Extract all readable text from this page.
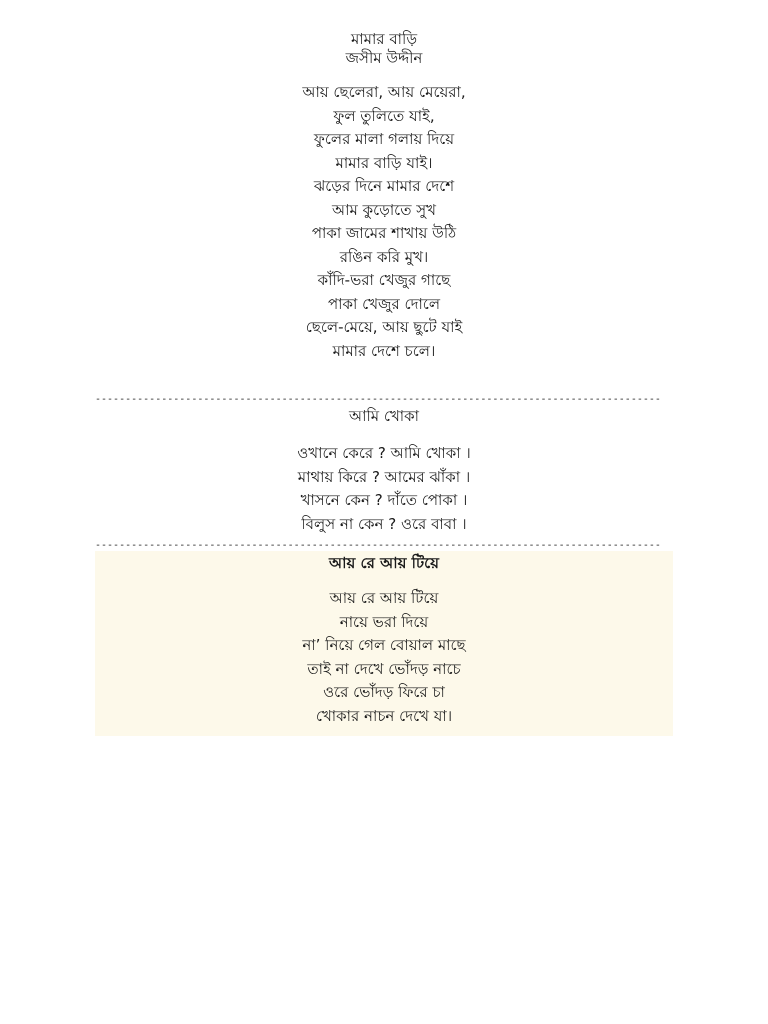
মামার বাড়ি
জসীম উদ্দীন
আয় ছেলেরা, আয় মেয়েরা,
ফুল তুলিতে যাই,
ফুলের মালা গলায় দিয়ে
মামার বাড়ি যাই।
ঝড়ের দিনে মামার দেশে
আম কুড়োতে সুখ
পাকা জামের শাখায় উঠি
রঙিন করি মুখ।
কাঁদি-ভরা খেজুর গাছে
পাকা খেজুর দোলে
ছেলে-মেয়ে, আয় ছুটে যাই
মামার দেশে চলে।
----------------------------------------------------------------------------------------------
আমি খোকা
ওখানে কেরে ? আমি খোকা ।
মাথায় কিরে ? আমের ঝাঁকা ।
খাসনে কেন ? দাঁতে পোকা ।
বিলুস না কেন ? ওরে বাবা ।
----------------------------------------------------------------------------------------------
আয় রে আয় টিয়ে
আয় রে আয় টিয়ে
নায়ে ভরা দিয়ে
না’ নিয়ে গেল বোয়াল মাছে
তাই না দেখে ভোঁদড় নাচে
ওরে ভোঁদড় ফিরে চা
খোকার নাচন দেখে যা।
